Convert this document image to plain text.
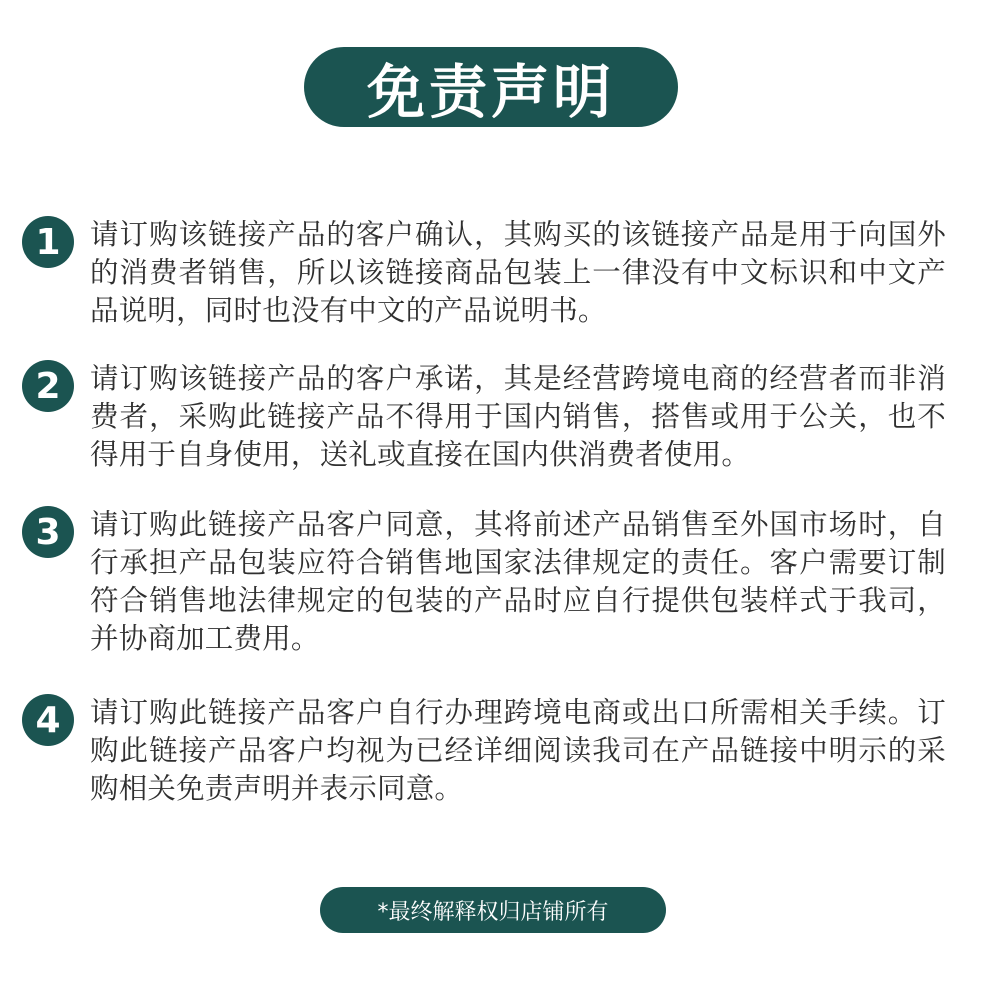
免责声明
1	请订购该链接产品的客户确认，其购买的该链接产品是用于向国外的消费者销售，所以该链接商品包装上一律没有中文标识和中文产品说明，同时也没有中文的产品说明书。

2	请订购该链接产品的客户承诺，其是经营跨境电商的经营者而非消费者，采购此链接产品不得用于国内销售，搭售或用于公关，也不得用于自身使用，送礼或直接在国内供消费者使用。

3	请订购此链接产品客户同意，其将前述产品销售至外国市场时，自行承担产品包装应符合销售地国家法律规定的责任。客户需要订制符合销售地法律规定的包装的产品时应自行提供包装样式于我司，并协商加工费用。

4	请订购此链接产品客户自行办理跨境电商或出口所需相关手续。订购此链接产品客户均视为已经详细阅读我司在产品链接中明示的采购相关免责声明并表示同意。

*最终解释权归店铺所有
